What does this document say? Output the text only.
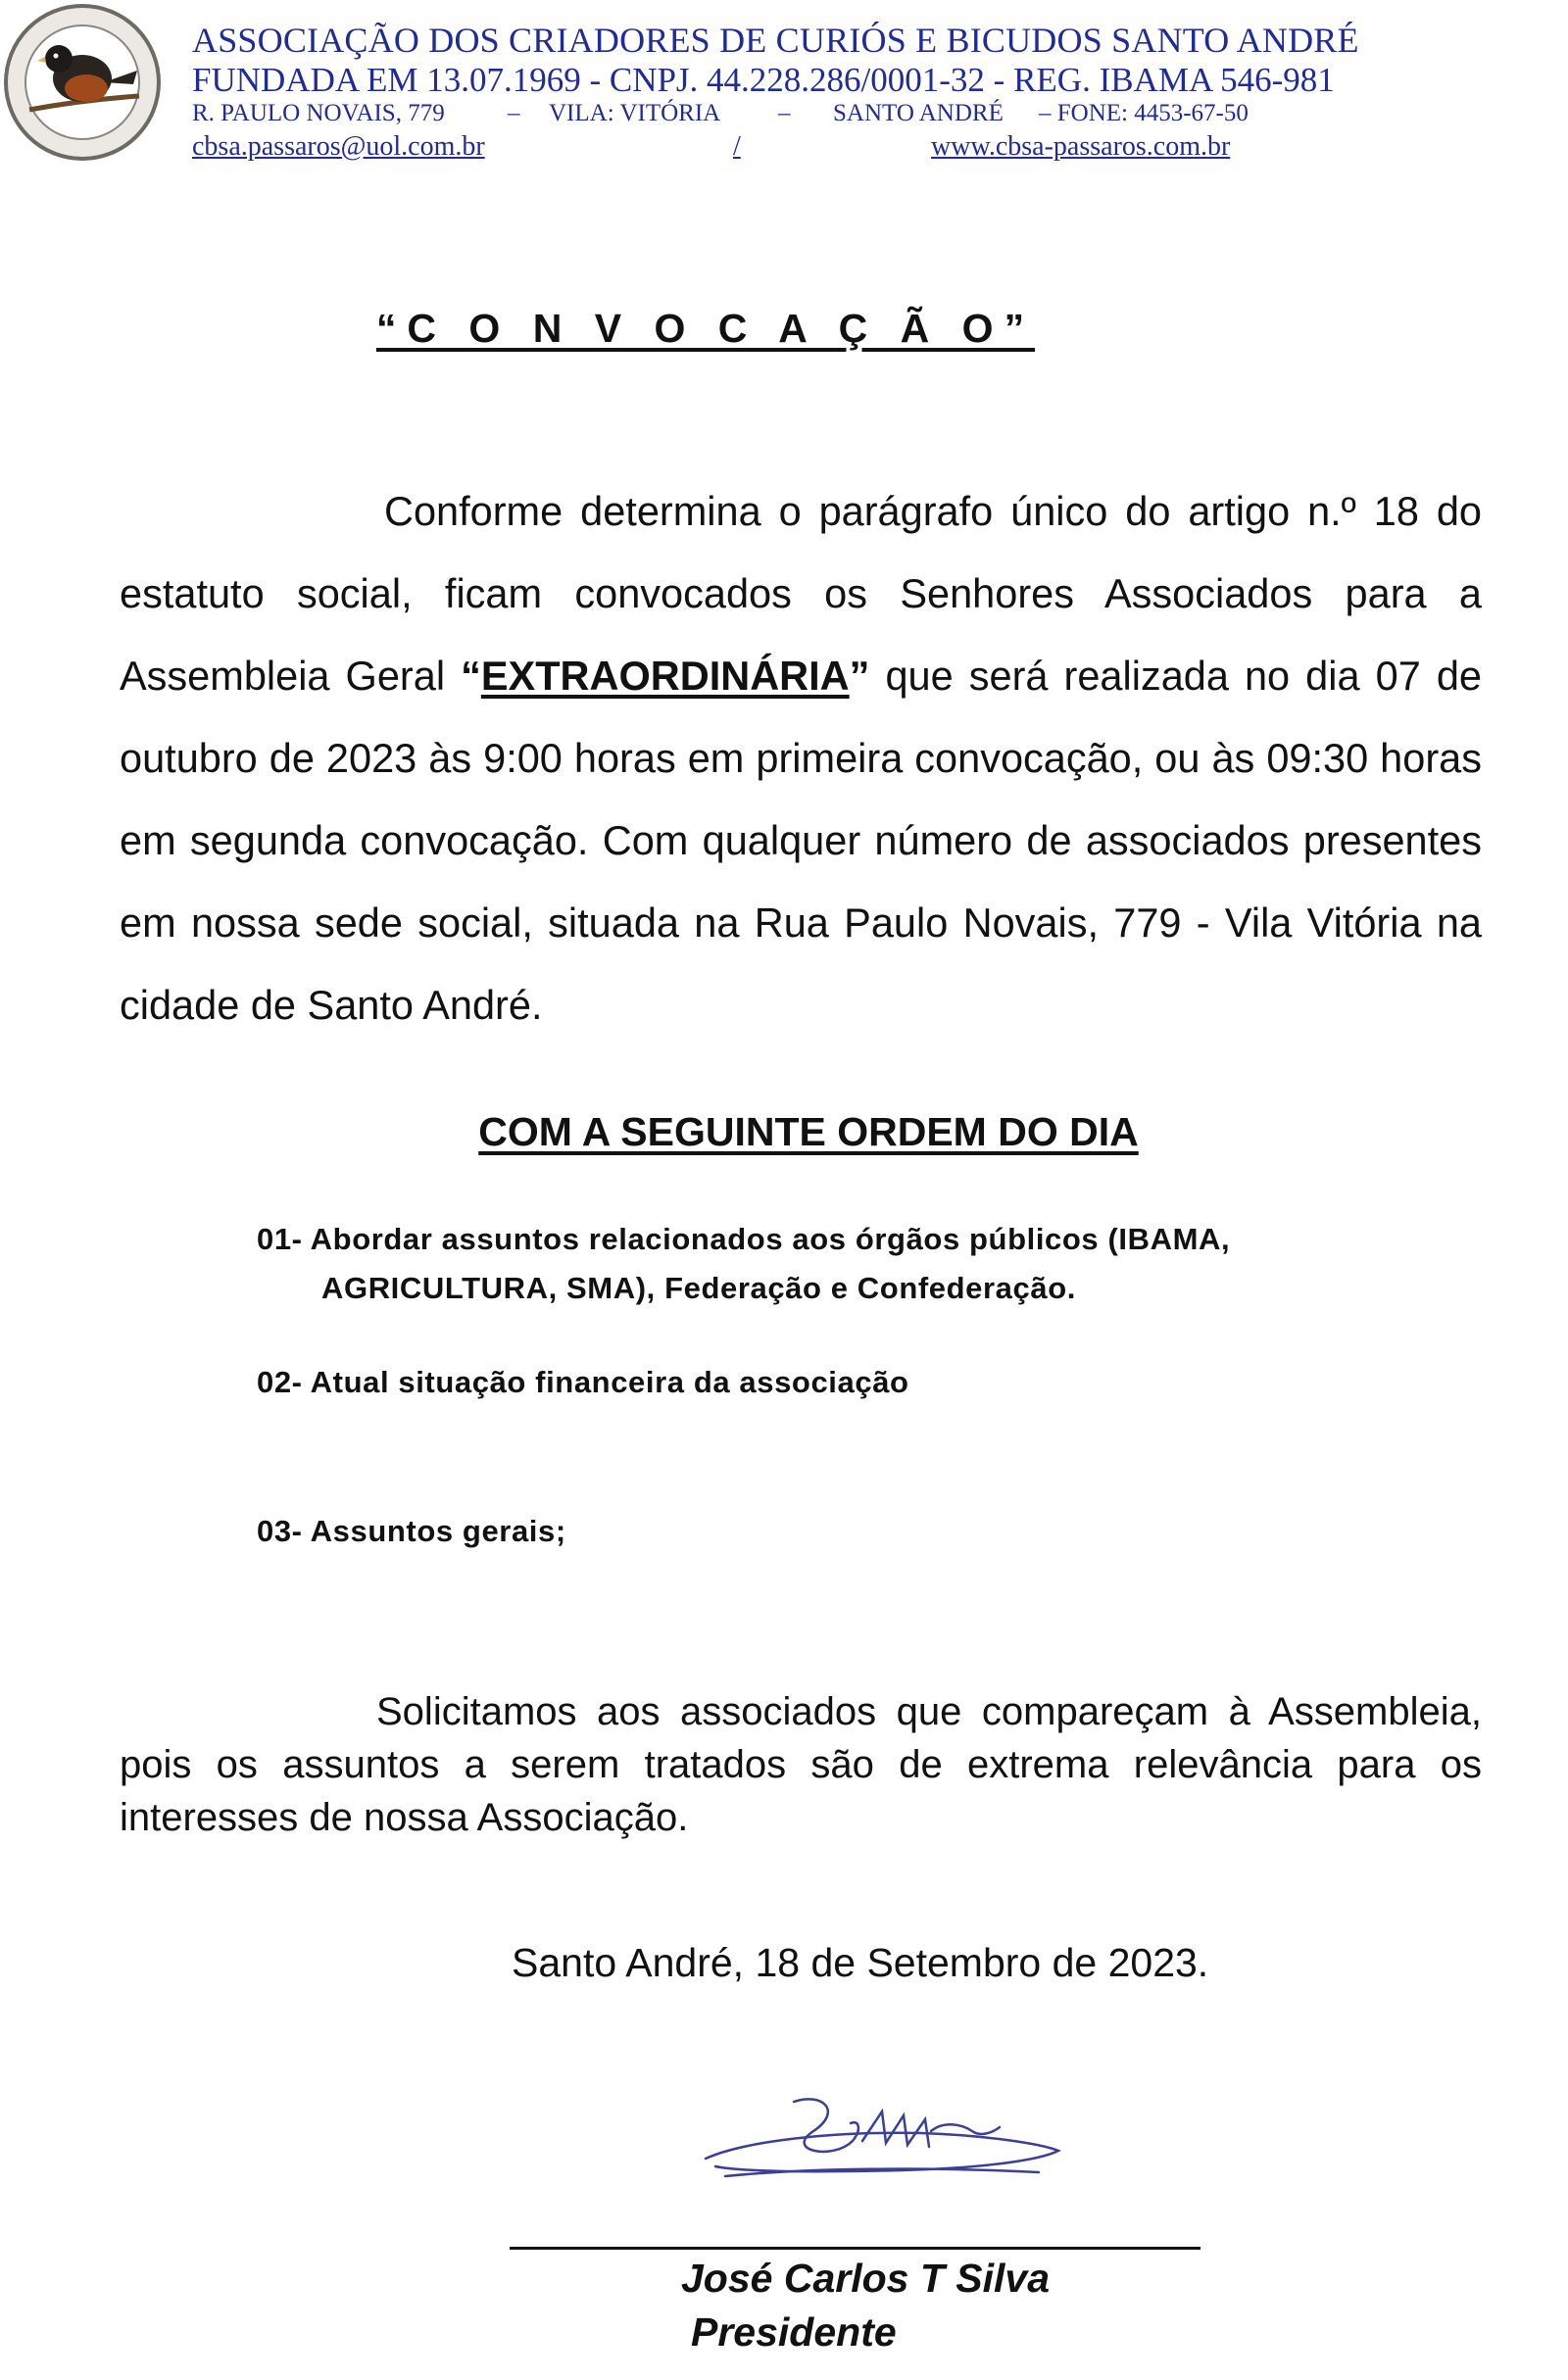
ASSOCIAÇÃO DOS CRIADORES DE CURIÓS E BICUDOS SANTO ANDRÉ
FUNDADA EM 13.07.1969 - CNPJ. 44.228.286/0001-32 - REG. IBAMA 546-981
R. PAULO NOVAIS, 779	– VILA: VITÓRIA – SANTO ANDRÉ – FONE: 4453-67-50
cbsa.passaros@uol.com.br	/	www.cbsa-passaros.com.br
“C O N V O C A Ç Ã O”
Conforme determina o parágrafo único do artigo n.º 18 do estatuto social, ficam convocados os Senhores Associados para a Assembleia Geral “EXTRAORDINÁRIA” que será realizada no dia 07 de outubro de 2023 às 9:00 horas em primeira convocação, ou às 09:30 horas em segunda convocação. Com qualquer número de associados presentes em nossa sede social, situada na Rua Paulo Novais, 779 - Vila Vitória na cidade de Santo André.
COM A SEGUINTE ORDEM DO DIA
01- Abordar assuntos relacionados aos órgãos públicos (IBAMA,
AGRICULTURA, SMA), Federação e Confederação.
02- Atual situação financeira da associação
03- Assuntos gerais;
Solicitamos aos associados que compareçam à Assembleia, pois os assuntos a serem tratados são de extrema relevância para os interesses de nossa Associação.
Santo André, 18 de Setembro de 2023.
José Carlos T Silva
Presidente
